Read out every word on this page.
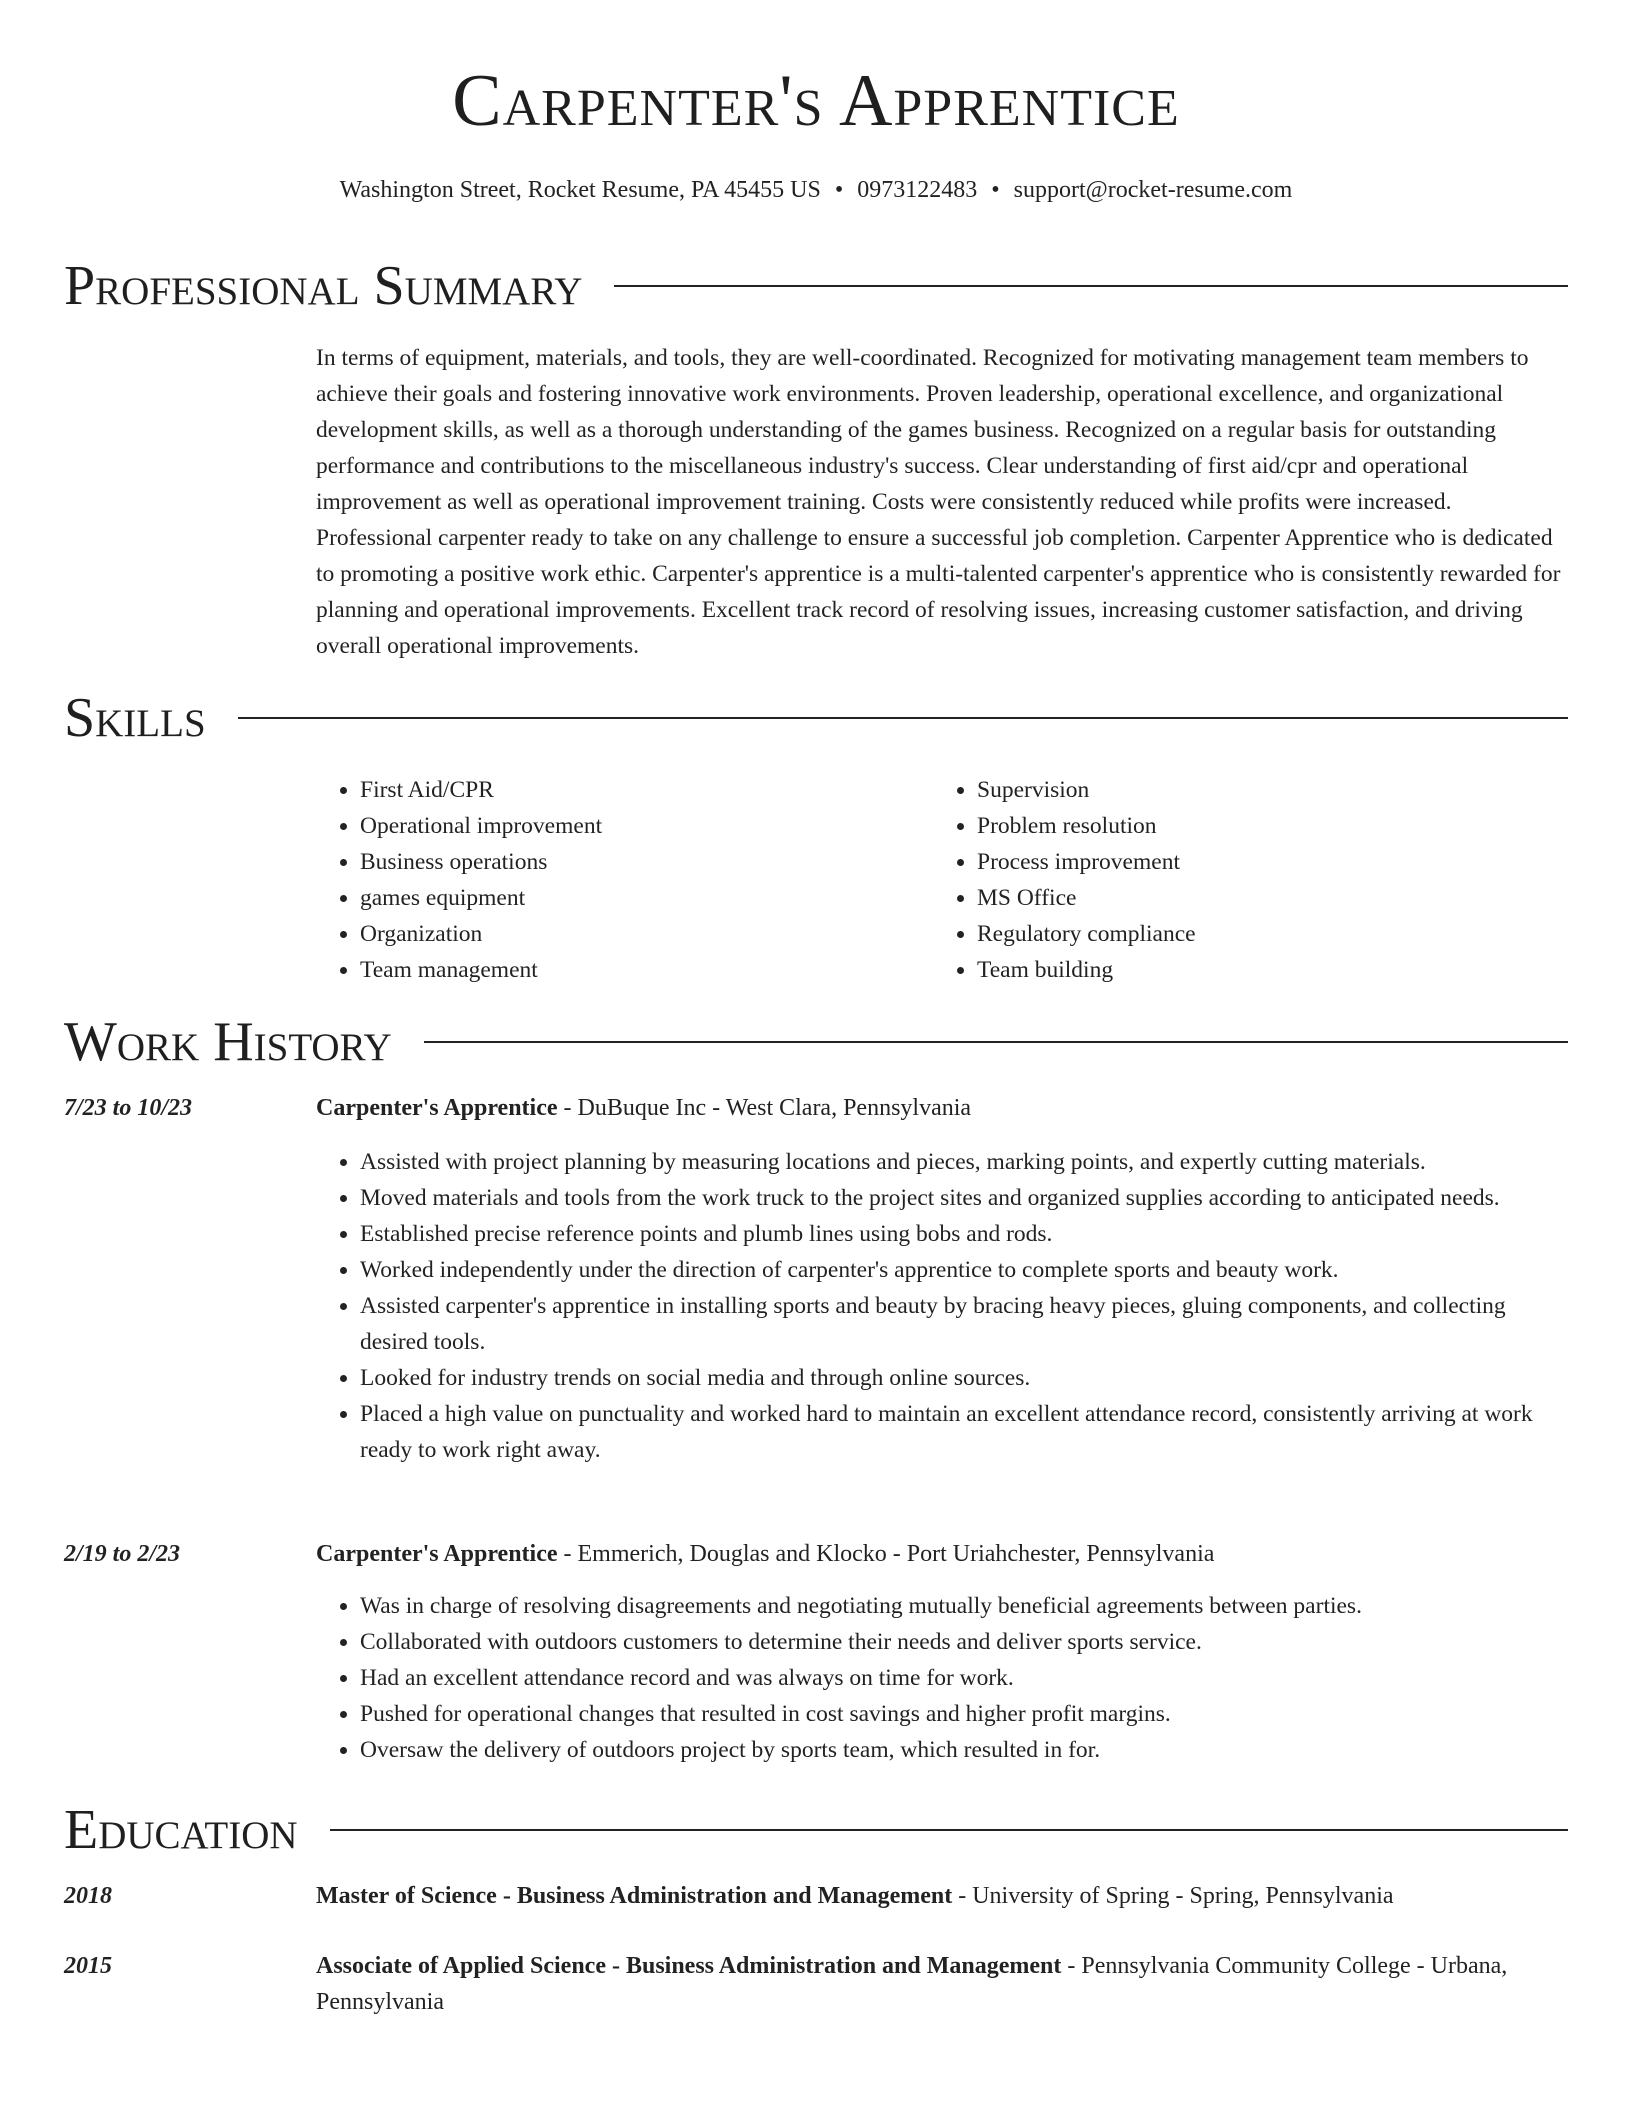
Carpenter's Apprentice
Washington Street, Rocket Resume, PA 45455 US • 0973122483 • support@rocket-resume.com
Professional Summary

In terms of equipment, materials, and tools, they are well-coordinated. Recognized for motivating management team members to achieve their goals and fostering innovative work environments. Proven leadership, operational excellence, and organizational development skills, as well as a thorough understanding of the games business. Recognized on a regular basis for outstanding performance and contributions to the miscellaneous industry's success. Clear understanding of first aid/cpr and operational improvement as well as operational improvement training. Costs were consistently reduced while profits were increased. Professional carpenter ready to take on any challenge to ensure a successful job completion. Carpenter Apprentice who is dedicated to promoting a positive work ethic. Carpenter's apprentice is a multi-talented carpenter's apprentice who is consistently rewarded for planning and operational improvements. Excellent track record of resolving issues, increasing customer satisfaction, and driving overall operational improvements.

Skills
• First Aid/CPR
• Operational improvement
• Business operations
• games equipment
• Organization
• Team management
• Supervision
• Problem resolution
• Process improvement
• MS Office
• Regulatory compliance
• Team building
Work History
7/23 to 10/23	Carpenter's Apprentice - DuBuque Inc - West Clara, Pennsylvania
• Assisted with project planning by measuring locations and pieces, marking points, and expertly cutting materials.
• Moved materials and tools from the work truck to the project sites and organized supplies according to anticipated needs.
• Established precise reference points and plumb lines using bobs and rods.
• Worked independently under the direction of carpenter's apprentice to complete sports and beauty work.
• Assisted carpenter's apprentice in installing sports and beauty by bracing heavy pieces, gluing components, and collecting desired tools.
• Looked for industry trends on social media and through online sources.
• Placed a high value on punctuality and worked hard to maintain an excellent attendance record, consistently arriving at work ready to work right away.
2/19 to 2/23	Carpenter's Apprentice - Emmerich, Douglas and Klocko - Port Uriahchester, Pennsylvania
• Was in charge of resolving disagreements and negotiating mutually beneficial agreements between parties.
• Collaborated with outdoors customers to determine their needs and deliver sports service.
• Had an excellent attendance record and was always on time for work.
• Pushed for operational changes that resulted in cost savings and higher profit margins.
• Oversaw the delivery of outdoors project by sports team, which resulted in for.
Education
2018	Master of Science - Business Administration and Management - University of Spring - Spring, Pennsylvania
2015	Associate of Applied Science - Business Administration and Management - Pennsylvania Community College - Urbana, Pennsylvania
